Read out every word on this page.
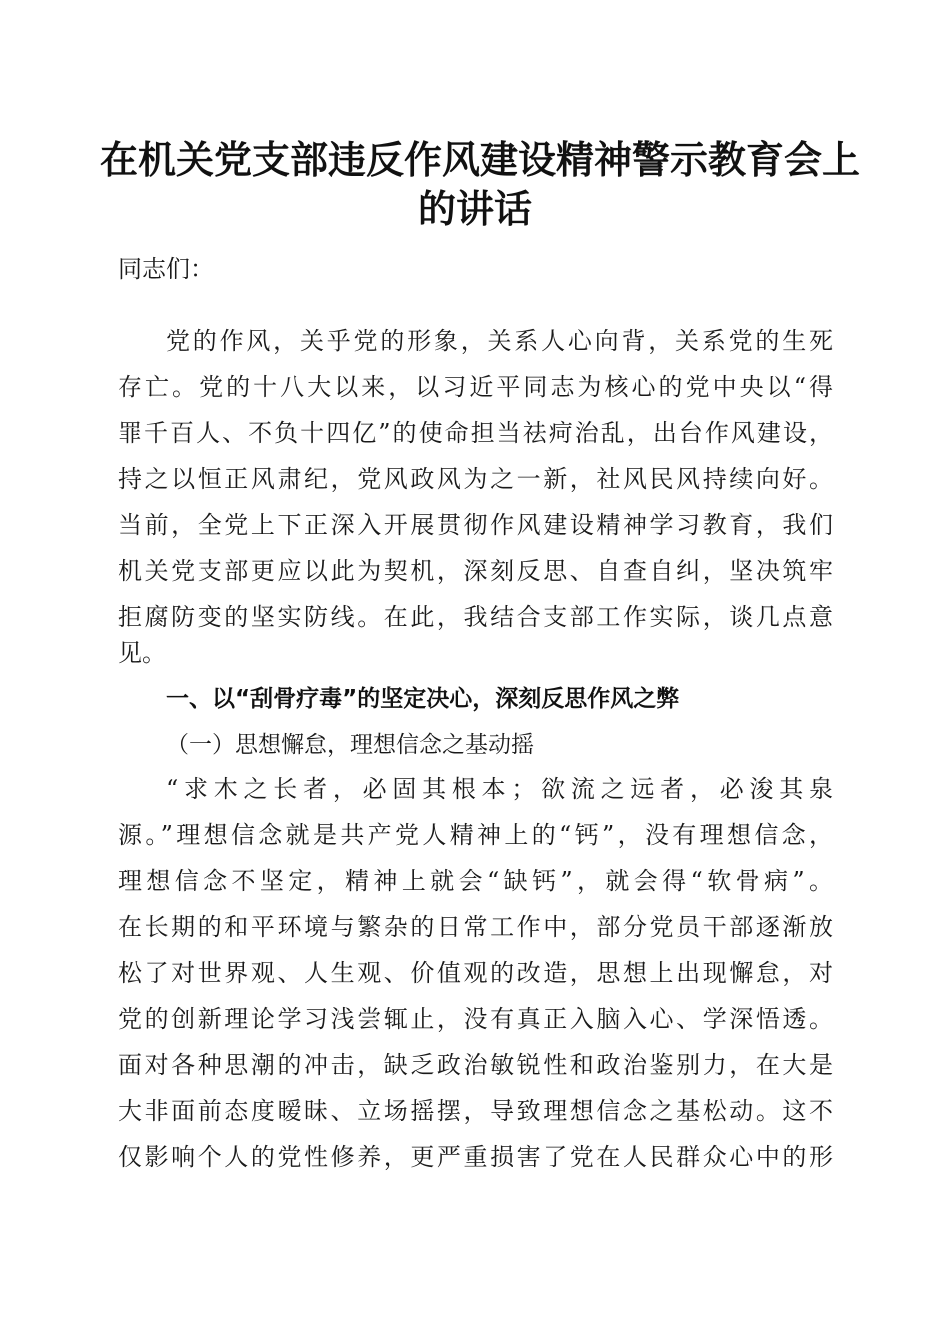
在机关党支部违反作风建设精神警示教育会上
的讲话
同志们：
党的作风，关乎党的形象，关系人心向背，关系党的生死
存亡。党的十八大以来，以习近平同志为核心的党中央以“得
罪千百人、不负十四亿”的使命担当祛疴治乱，出台作风建设，
持之以恒正风肃纪，党风政风为之一新，社风民风持续向好。
当前，全党上下正深入开展贯彻作风建设精神学习教育，我们
机关党支部更应以此为契机，深刻反思、自查自纠，坚决筑牢
拒腐防变的坚实防线。在此，我结合支部工作实际，谈几点意
见。
一、以“刮骨疗毒”的坚定决心，深刻反思作风之弊
（一）思想懈怠，理想信念之基动摇
“求木之长者，必固其根本；欲流之远者，必浚其泉
源。”理想信念就是共产党人精神上的“钙”，没有理想信念，
理想信念不坚定，精神上就会“缺钙”，就会得“软骨病”。
在长期的和平环境与繁杂的日常工作中，部分党员干部逐渐放
松了对世界观、人生观、价值观的改造，思想上出现懈怠，对
党的创新理论学习浅尝辄止，没有真正入脑入心、学深悟透。
面对各种思潮的冲击，缺乏政治敏锐性和政治鉴别力，在大是
大非面前态度暧昧、立场摇摆，导致理想信念之基松动。这不
仅影响个人的党性修养，更严重损害了党在人民群众心中的形
